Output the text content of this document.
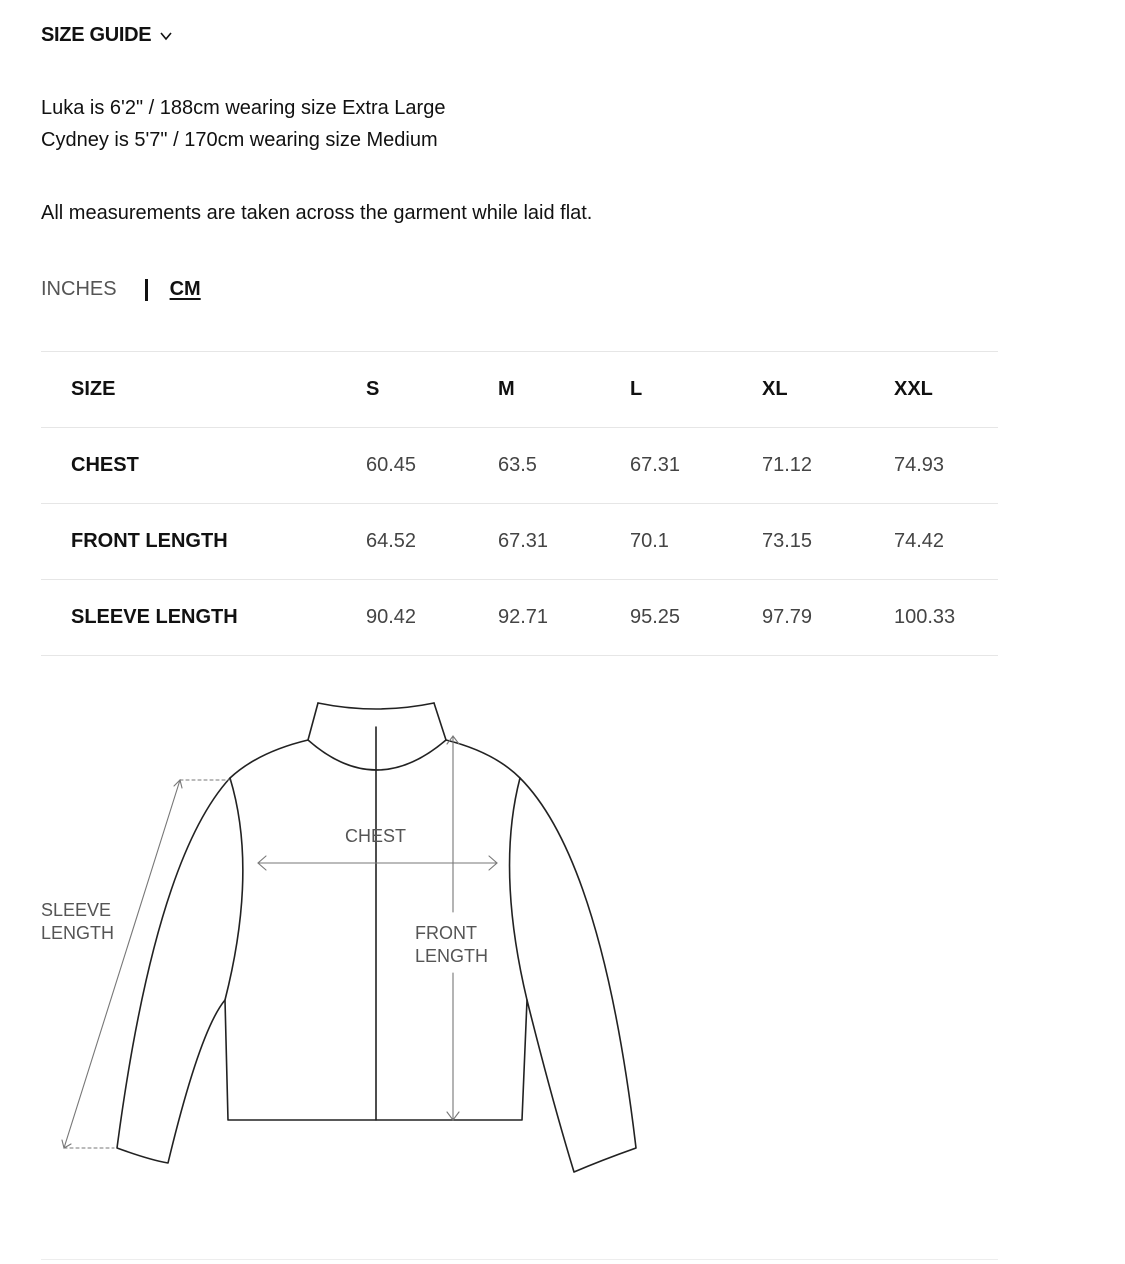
SIZE GUIDE
Luka is 6'2" / 188cm wearing size Extra Large
Cydney is 5'7" / 170cm wearing size Medium
All measurements are taken across the garment while laid flat.
INCHES	CM
SIZE	S	M	L	XL	XXL
CHEST	60.45	63.5	67.31	71.12	74.93
FRONT LENGTH	64.52	67.31	70.1	73.15	74.42
SLEEVE LENGTH	90.42	92.71	95.25	97.79	100.33
CHEST
SLEEVE
LENGTH	FRONT
LENGTH
